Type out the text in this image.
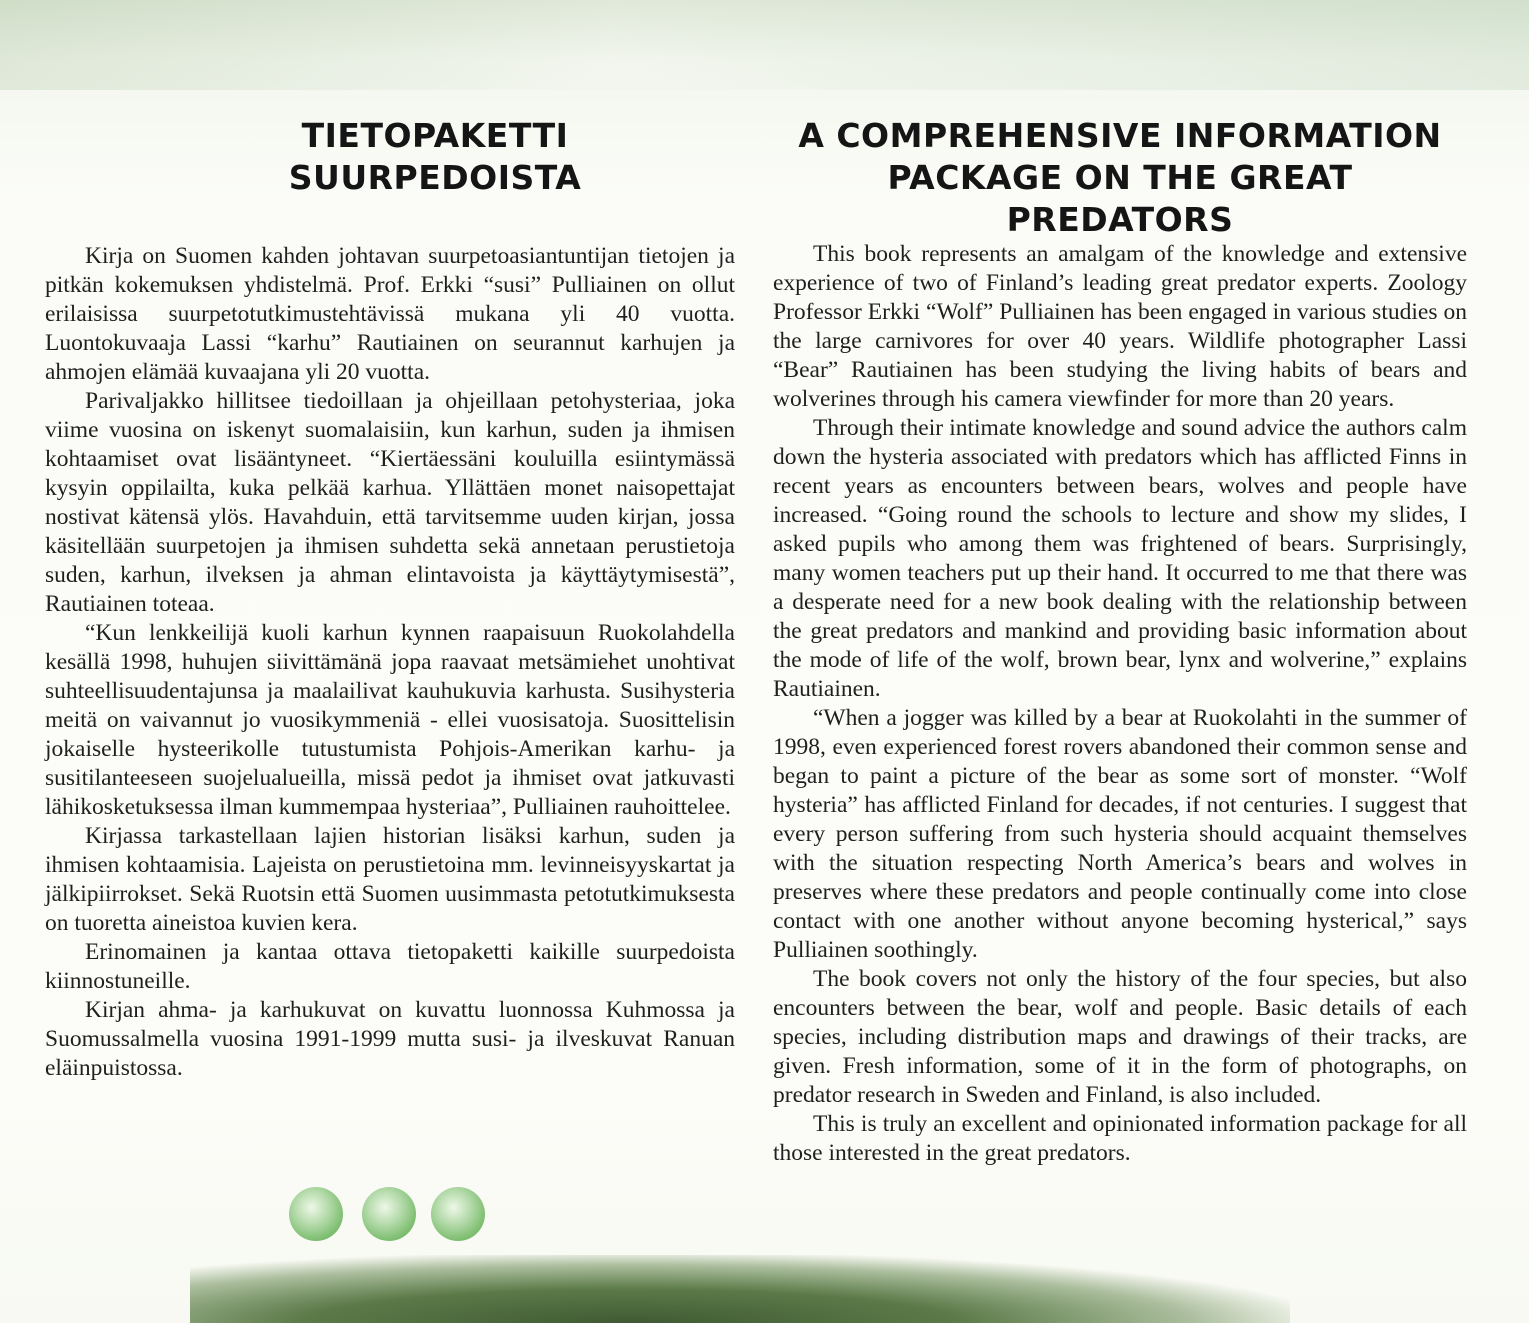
TIETOPAKETTI
SUURPEDOISTA

Kirja on Suomen kahden johtavan suurpetoasiantuntijan tietojen ja pitkän kokemuksen yhdistelmä. Prof. Erkki “susi” Pulliainen on ollut erilaisissa suurpetotutkimustehtävissä mukana yli 40 vuotta. Luontokuvaaja Lassi “karhu” Rautiainen on seurannut karhujen ja ahmojen elämää kuvaajana yli 20 vuotta.

Parivaljakko hillitsee tiedoillaan ja ohjeillaan petohysteriaa, joka viime vuosina on iskenyt suomalaisiin, kun karhun, suden ja ihmisen kohtaamiset ovat lisääntyneet. “Kiertäessäni kouluilla esiintymässä kysyin oppilailta, kuka pelkää karhua. Yllättäen monet naisopettajat nostivat kätensä ylös. Havahduin, että tarvitsemme uuden kirjan, jossa käsitellään suurpetojen ja ihmisen suhdetta sekä annetaan perustietoja suden, karhun, ilveksen ja ahman elintavoista ja käyttäytymisestä”, Rautiainen toteaa.

“Kun lenkkeilijä kuoli karhun kynnen raapaisuun Ruokolahdella kesällä 1998, huhujen siivittämänä jopa raavaat metsämiehet unohtivat suhteellisuudentajunsa ja maalailivat kauhukuvia karhusta. Susihysteria meitä on vaivannut jo vuosikymmeniä - ellei vuosisatoja. Suosittelisin jokaiselle hysteerikolle tutustumista Pohjois-Amerikan karhu- ja susitilanteeseen suojelualueilla, missä pedot ja ihmiset ovat jatkuvasti lähikosketuksessa ilman kummempaa hysteriaa”, Pulliainen rauhoittelee.

Kirjassa tarkastellaan lajien historian lisäksi karhun, suden ja ihmisen kohtaamisia. Lajeista on perustietoina mm. levinneisyyskartat ja jälkipiirrokset. Sekä Ruotsin että Suomen uusimmasta petotutkimuksesta on tuoretta aineistoa kuvien kera.

Erinomainen ja kantaa ottava tietopaketti kaikille suurpedoista kiinnostuneille.

Kirjan ahma- ja karhukuvat on kuvattu luonnossa Kuhmossa ja Suomussalmella vuosina 1991-1999 mutta susi- ja ilveskuvat Ranuan eläinpuistossa.

A COMPREHENSIVE INFORMATION
PACKAGE ON THE GREAT PREDATORS

This book represents an amalgam of the knowledge and extensive experience of two of Finland’s leading great predator experts. Zoology Professor Erkki “Wolf” Pulliainen has been engaged in various studies on the large carnivores for over 40 years. Wildlife photographer Lassi “Bear” Rautiainen has been studying the living habits of bears and wolverines through his camera viewfinder for more than 20 years.

Through their intimate knowledge and sound advice the authors calm down the hysteria associated with predators which has afflicted Finns in recent years as encounters between bears, wolves and people have increased. “Going round the schools to lecture and show my slides, I asked pupils who among them was frightened of bears. Surprisingly, many women teachers put up their hand. It occurred to me that there was a desperate need for a new book dealing with the relationship between the great predators and mankind and providing basic information about the mode of life of the wolf, brown bear, lynx and wolverine,” explains Rautiainen.

“When a jogger was killed by a bear at Ruokolahti in the summer of 1998, even experienced forest rovers abandoned their common sense and began to paint a picture of the bear as some sort of monster. “Wolf hysteria” has afflicted Finland for decades, if not centuries. I suggest that every person suffering from such hysteria should acquaint themselves with the situation respecting North America’s bears and wolves in preserves where these predators and people continually come into close contact with one another without anyone becoming hysterical,” says Pulliainen soothingly.

The book covers not only the history of the four species, but also encounters between the bear, wolf and people. Basic details of each species, including distribution maps and drawings of their tracks, are given. Fresh information, some of it in the form of photographs, on predator research in Sweden and Finland, is also included.

This is truly an excellent and opinionated information package for all those interested in the great predators.
